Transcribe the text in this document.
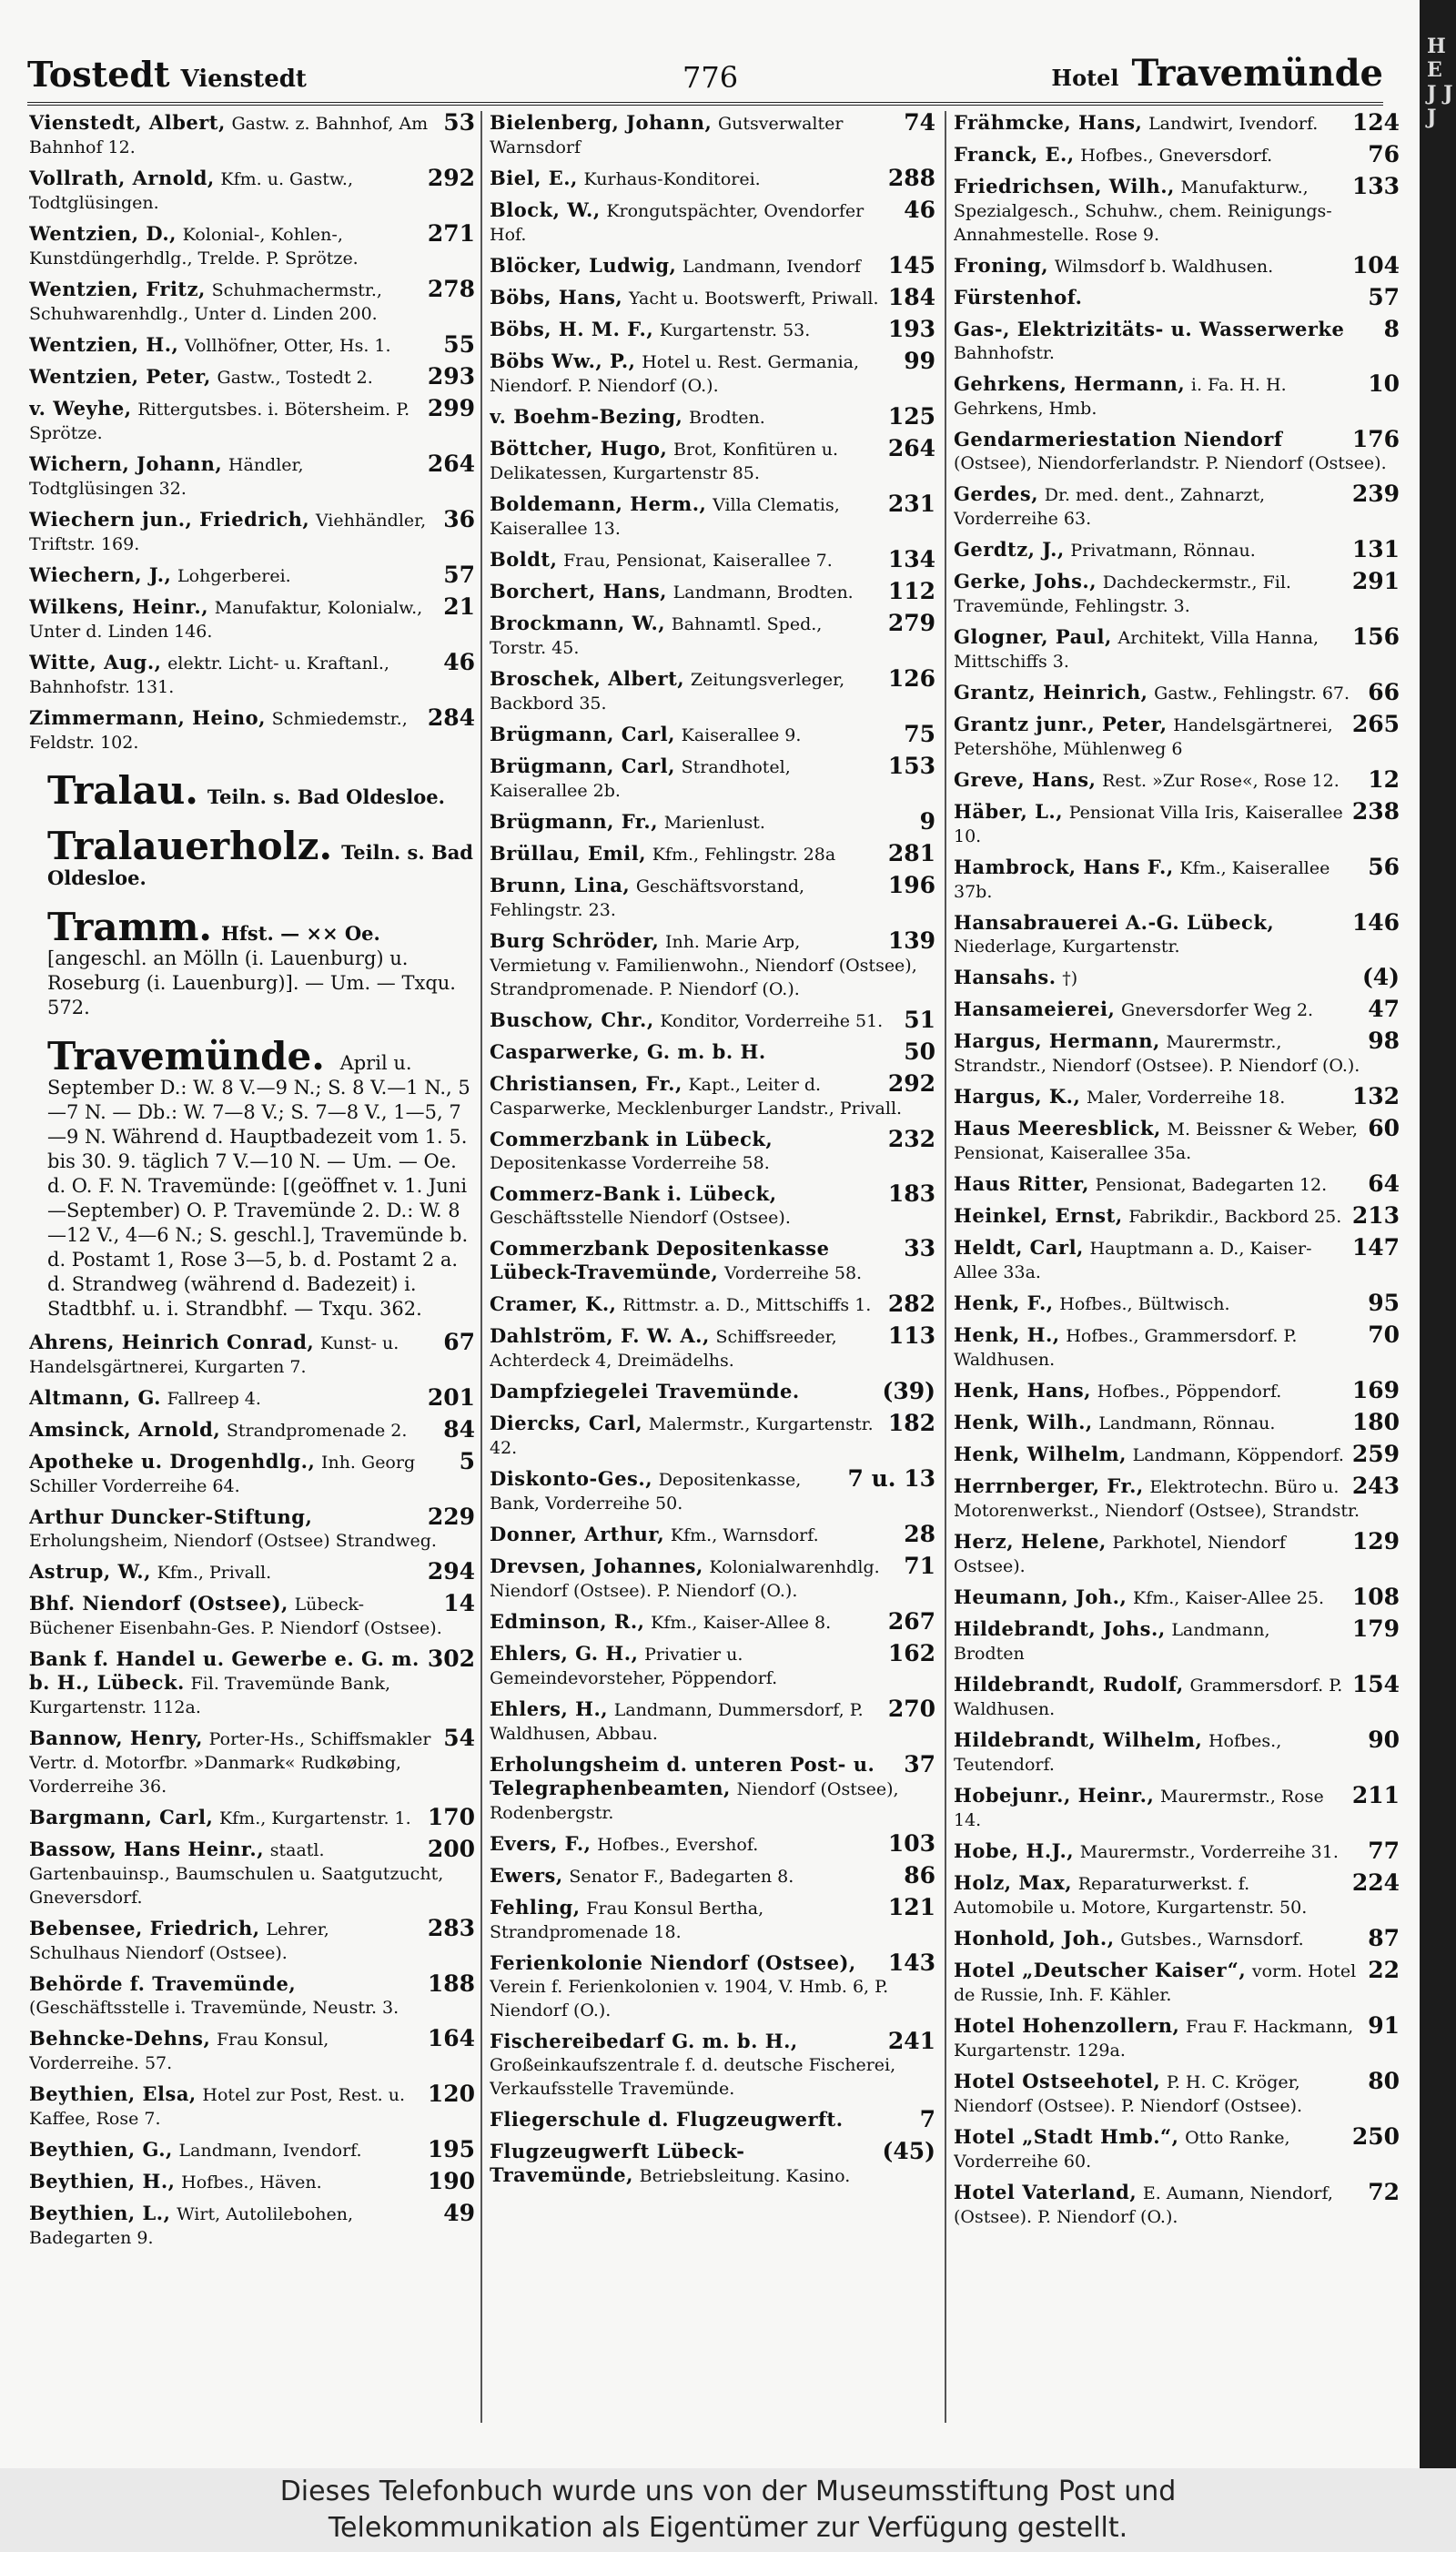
Tostedt Vienstedt	776	Hotel Travemünde
53
Vienstedt, Albert, Gastw. z. Bahnhof, Am Bahnhof 12.
292
Vollrath, Arnold, Kfm. u. Gastw., Todtglüsingen.
271
Wentzien, D., Kolonial-, Kohlen-, Kunstdüngerhdlg., Trelde. P. Sprötze.
278
Wentzien, Fritz, Schuhmachermstr., Schuhwarenhdlg., Unter d. Linden 200.
55
Wentzien, H., Vollhöfner, Otter, Hs. 1.
293
Wentzien, Peter, Gastw., Tostedt 2.
299
v. Weyhe, Rittergutsbes. i. Bötersheim. P. Sprötze.
264
Wichern, Johann, Händler, Todtglüsingen 32.
36
Wiechern jun., Friedrich, Viehhändler, Triftstr. 169.
57
Wiechern, J., Lohgerberei.
21
Wilkens, Heinr., Manufaktur, Kolonialw., Unter d. Linden 146.
46
Witte, Aug., elektr. Licht- u. Kraftanl., Bahnhofstr. 131.
284
Zimmermann, Heino, Schmiedemstr., Feldstr. 102.
Tralau. Teiln. s. Bad Oldesloe.
Tralauerholz. Teiln. s. Bad Oldesloe.
Tramm. Hfst. — ×× Oe. [angeschl. an Mölln (i. Lauenburg) u. Roseburg (i. Lauenburg)]. — Um. — Txqu. 572.
Travemünde. April u. September D.: W. 8 V.—9 N.; S. 8 V.—1 N., 5—7 N. — Db.: W. 7—8 V.; S. 7—8 V., 1—5, 7—9 N. Während d. Hauptbadezeit vom 1. 5. bis 30. 9. täglich 7 V.—10 N. — Um. — Oe. d. O. F. N. Travemünde: [(geöffnet v. 1. Juni—September) O. P. Travemünde 2. D.: W. 8—12 V., 4—6 N.; S. geschl.], Travemünde b. d. Postamt 1, Rose 3—5, b. d. Postamt 2 a. d. Strandweg (während d. Badezeit) i. Stadtbhf. u. i. Strandbhf. — Txqu. 362.
67
Ahrens, Heinrich Conrad, Kunst- u. Handelsgärtnerei, Kurgarten 7.
201
Altmann, G. Fallreep 4.
84
Amsinck, Arnold, Strandpromenade 2.
5
Apotheke u. Drogenhdlg., Inh. Georg Schiller Vorderreihe 64.
229
Arthur Duncker-Stiftung, Erholungsheim, Niendorf (Ostsee) Strandweg.
294
Astrup, W., Kfm., Privall.
14
Bhf. Niendorf (Ostsee), Lübeck-Büchener Eisenbahn-Ges. P. Niendorf (Ostsee).
302
Bank f. Handel u. Gewerbe e. G. m. b. H., Lübeck. Fil. Travemünde Bank, Kurgartenstr. 112a.
54
Bannow, Henry, Porter-Hs., Schiffsmakler Vertr. d. Motorfbr. »Danmark« Rudkøbing, Vorderreihe 36.
170
Bargmann, Carl, Kfm., Kurgartenstr. 1.
200
Bassow, Hans Heinr., staatl. Gartenbauinsp., Baumschulen u. Saatgutzucht, Gneversdorf.
283
Bebensee, Friedrich, Lehrer, Schulhaus Niendorf (Ostsee).
188
Behörde f. Travemünde, (Geschäftsstelle i. Travemünde, Neustr. 3.
164
Behncke-Dehns, Frau Konsul, Vorderreihe. 57.
120
Beythien, Elsa, Hotel zur Post, Rest. u. Kaffee, Rose 7.
195
Beythien, G., Landmann, Ivendorf.
190
Beythien, H., Hofbes., Häven.
49
Beythien, L., Wirt, Autolilebohen, Badegarten 9.
74
Bielenberg, Johann, Gutsverwalter Warnsdorf
288
Biel, E., Kurhaus-Konditorei.
46
Block, W., Krongutspächter, Ovendorfer Hof.
145
Blöcker, Ludwig, Landmann, Ivendorf
184
Böbs, Hans, Yacht u. Bootswerft, Priwall.
193
Böbs, H. M. F., Kurgartenstr. 53.
99
Böbs Ww., P., Hotel u. Rest. Germania, Niendorf. P. Niendorf (O.).
125
v. Boehm-Bezing, Brodten.
264
Böttcher, Hugo, Brot, Konfitüren u. Delikatessen, Kurgartenstr 85.
231
Boldemann, Herm., Villa Clematis, Kaiserallee 13.
134
Boldt, Frau, Pensionat, Kaiserallee 7.
112
Borchert, Hans, Landmann, Brodten.
279
Brockmann, W., Bahnamtl. Sped., Torstr. 45.
126
Broschek, Albert, Zeitungsverleger, Backbord 35.
75
Brügmann, Carl, Kaiserallee 9.
153
Brügmann, Carl, Strandhotel, Kaiserallee 2b.
9
Brügmann, Fr., Marienlust.
281
Brüllau, Emil, Kfm., Fehlingstr. 28a
196
Brunn, Lina, Geschäftsvorstand, Fehlingstr. 23.
139
Burg Schröder, Inh. Marie Arp, Vermietung v. Familienwohn., Niendorf (Ostsee), Strandpromenade. P. Niendorf (O.).
51
Buschow, Chr., Konditor, Vorderreihe 51.
50
Casparwerke, G. m. b. H.
292
Christiansen, Fr., Kapt., Leiter d. Casparwerke, Mecklenburger Landstr., Privall.
232
Commerzbank in Lübeck, Depositenkasse Vorderreihe 58.
183
Commerz-Bank i. Lübeck, Geschäftsstelle Niendorf (Ostsee).
33
Commerzbank Depositenkasse Lübeck-Travemünde, Vorderreihe 58.
282
Cramer, K., Rittmstr. a. D., Mittschiffs 1.
113
Dahlström, F. W. A., Schiffsreeder, Achterdeck 4, Dreimädelhs.
(39)
Dampfziegelei Travemünde.
182
Diercks, Carl, Malermstr., Kurgartenstr. 42.
7 u. 13
Diskonto-Ges., Depositenkasse, Bank, Vorderreihe 50.
28
Donner, Arthur, Kfm., Warnsdorf.
71
Drevsen, Johannes, Kolonialwarenhdlg. Niendorf (Ostsee). P. Niendorf (O.).
267
Edminson, R., Kfm., Kaiser-Allee 8.
162
Ehlers, G. H., Privatier u. Gemeindevorsteher, Pöppendorf.
270
Ehlers, H., Landmann, Dummersdorf, P. Waldhusen, Abbau.
37
Erholungsheim d. unteren Post- u. Telegraphenbeamten, Niendorf (Ostsee), Rodenbergstr.
103
Evers, F., Hofbes., Evershof.
86
Ewers, Senator F., Badegarten 8.
121
Fehling, Frau Konsul Bertha, Strandpromenade 18.
143
Ferienkolonie Niendorf (Ostsee), Verein f. Ferienkolonien v. 1904, V. Hmb. 6, P. Niendorf (O.).
241
Fischereibedarf G. m. b. H., Großeinkaufszentrale f. d. deutsche Fischerei, Verkaufsstelle Travemünde.
7
Fliegerschule d. Flugzeugwerft.
(45)
Flugzeugwerft Lübeck-Travemünde, Betriebsleitung. Kasino.
124
Frähmcke, Hans, Landwirt, Ivendorf.
76
Franck, E., Hofbes., Gneversdorf.
133
Friedrichsen, Wilh., Manufakturw., Spezialgesch., Schuhw., chem. Reinigungs-Annahmestelle. Rose 9.
104
Froning, Wilmsdorf b. Waldhusen.
57
Fürstenhof.
8
Gas-, Elektrizitäts- u. Wasserwerke Bahnhofstr.
10
Gehrkens, Hermann, i. Fa. H. H. Gehrkens, Hmb.
176
Gendarmeriestation Niendorf (Ostsee), Niendorferlandstr. P. Niendorf (Ostsee).
239
Gerdes, Dr. med. dent., Zahnarzt, Vorderreihe 63.
131
Gerdtz, J., Privatmann, Rönnau.
291
Gerke, Johs., Dachdeckermstr., Fil. Travemünde, Fehlingstr. 3.
156
Glogner, Paul, Architekt, Villa Hanna, Mittschiffs 3.
66
Grantz, Heinrich, Gastw., Fehlingstr. 67.
265
Grantz junr., Peter, Handelsgärtnerei, Petershöhe, Mühlenweg 6
12
Greve, Hans, Rest. »Zur Rose«, Rose 12.
238
Häber, L., Pensionat Villa Iris, Kaiserallee 10.
56
Hambrock, Hans F., Kfm., Kaiserallee 37b.
146
Hansabrauerei A.-G. Lübeck, Niederlage, Kurgartenstr.
(4)
Hansahs. †)
47
Hansameierei, Gneversdorfer Weg 2.
98
Hargus, Hermann, Maurermstr., Strandstr., Niendorf (Ostsee). P. Niendorf (O.).
132
Hargus, K., Maler, Vorderreihe 18.
60
Haus Meeresblick, M. Beissner & Weber, Pensionat, Kaiserallee 35a.
64
Haus Ritter, Pensionat, Badegarten 12.
213
Heinkel, Ernst, Fabrikdir., Backbord 25.
147
Heldt, Carl, Hauptmann a. D., Kaiser-Allee 33a.
95
Henk, F., Hofbes., Bültwisch.
70
Henk, H., Hofbes., Grammersdorf. P. Waldhusen.
169
Henk, Hans, Hofbes., Pöppendorf.
180
Henk, Wilh., Landmann, Rönnau.
259
Henk, Wilhelm, Landmann, Köppendorf.
243
Herrnberger, Fr., Elektrotechn. Büro u. Motorenwerkst., Niendorf (Ostsee), Strandstr.
129
Herz, Helene, Parkhotel, Niendorf Ostsee).
108
Heumann, Joh., Kfm., Kaiser-Allee 25.
179
Hildebrandt, Johs., Landmann, Brodten
154
Hildebrandt, Rudolf, Grammersdorf. P. Waldhusen.
90
Hildebrandt, Wilhelm, Hofbes., Teutendorf.
211
Hobejunr., Heinr., Maurermstr., Rose 14.
77
Hobe, H.J., Maurermstr., Vorderreihe 31.
224
Holz, Max, Reparaturwerkst. f. Automobile u. Motore, Kurgartenstr. 50.
87
Honhold, Joh., Gutsbes., Warnsdorf.
22
Hotel „Deutscher Kaiser“, vorm. Hotel de Russie, Inh. F. Kähler.
91
Hotel Hohenzollern, Frau F. Hackmann, Kurgartenstr. 129a.
80
Hotel Ostseehotel, P. H. C. Kröger, Niendorf (Ostsee). P. Niendorf (Ostsee).
250
Hotel „Stadt Hmb.“, Otto Ranke, Vorderreihe 60.
72
Hotel Vaterland, E. Aumann, Niendorf, (Ostsee). P. Niendorf (O.).
H E J J J
Dieses Telefonbuch wurde uns von der Museumsstiftung Post und
Telekommunikation als Eigentümer zur Verfügung gestellt.
